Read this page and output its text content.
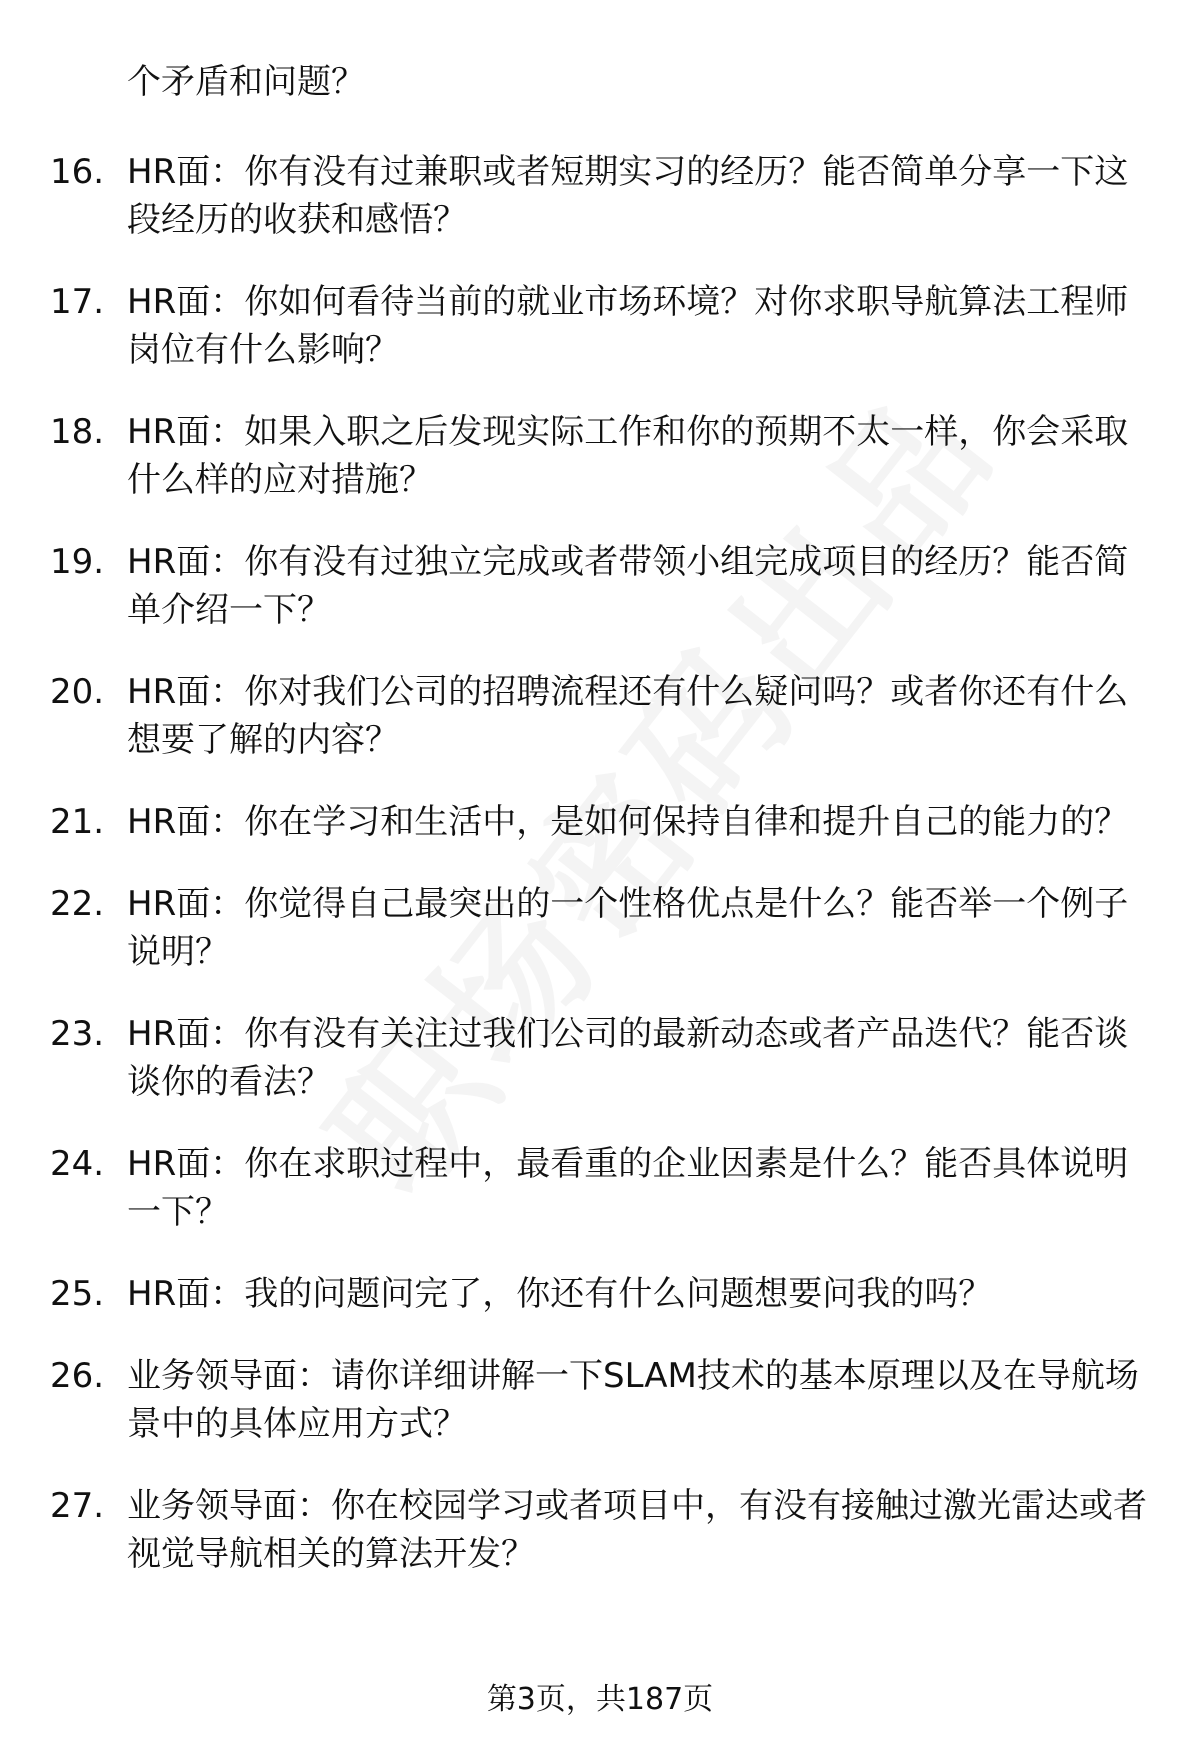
个矛盾和问题？

16. HR面：你有没有过兼职或者短期实习的经历？能否简单分享一下这段经历的收获和感悟？
17. HR面：你如何看待当前的就业市场环境？对你求职导航算法工程师岗位有什么影响？
18. HR面：如果入职之后发现实际工作和你的预期不太一样，你会采取什么样的应对措施？
19. HR面：你有没有过独立完成或者带领小组完成项目的经历？能否简单介绍一下？
20. HR面：你对我们公司的招聘流程还有什么疑问吗？或者你还有什么想要了解的内容？
21. HR面：你在学习和生活中，是如何保持自律和提升自己的能力的？
22. HR面：你觉得自己最突出的一个性格优点是什么？能否举一个例子说明？
23. HR面：你有没有关注过我们公司的最新动态或者产品迭代？能否谈谈你的看法？
24. HR面：你在求职过程中，最看重的企业因素是什么？能否具体说明一下？
25. HR面：我的问题问完了，你还有什么问题想要问我的吗？
26. 业务领导面：请你详细讲解一下SLAM技术的基本原理以及在导航场景中的具体应用方式？
27. 业务领导面：你在校园学习或者项目中，有没有接触过激光雷达或者视觉导航相关的算法开发？
第3页，共187页
